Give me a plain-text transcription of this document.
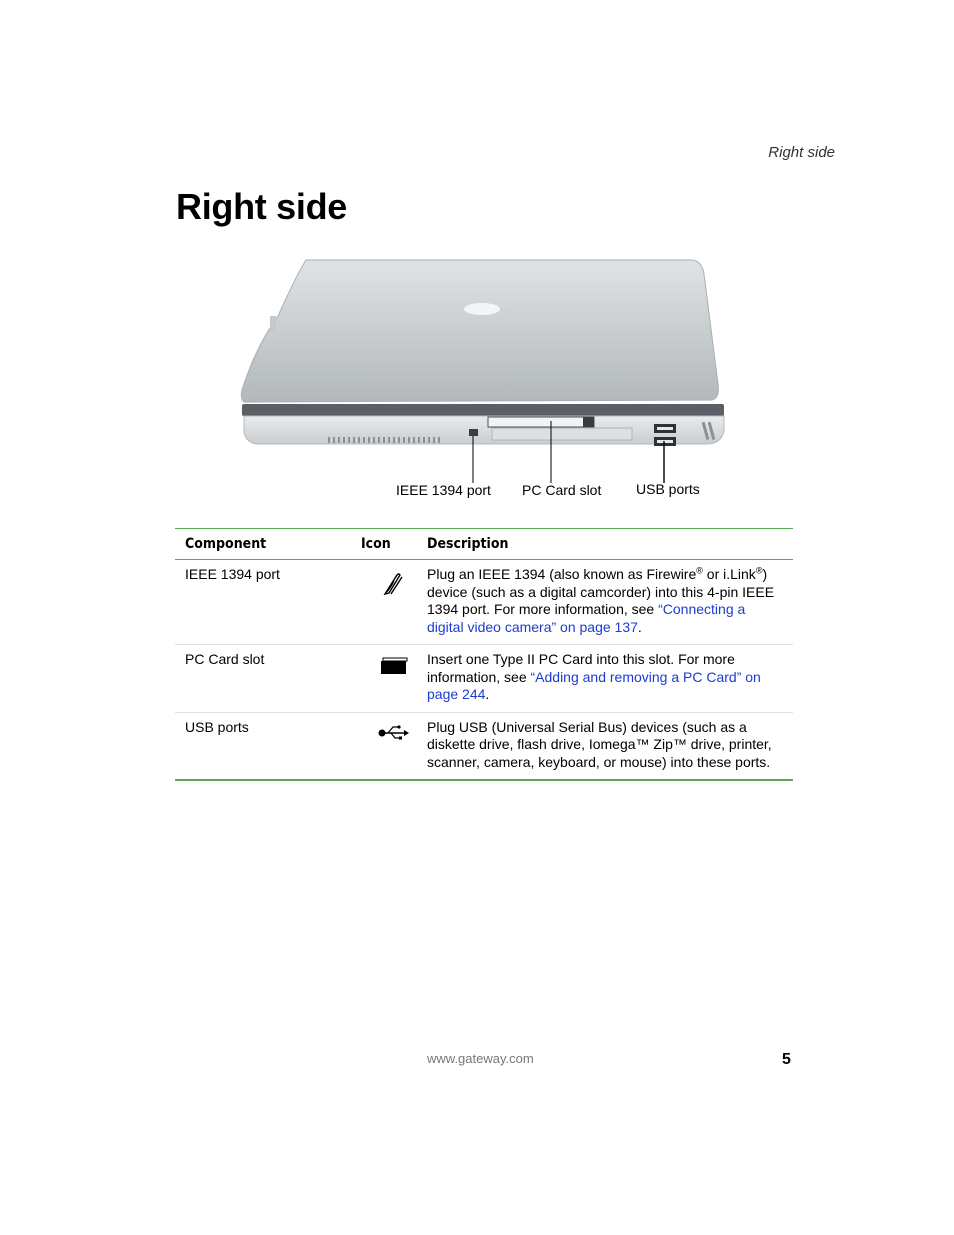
Right side
Right side
IEEE 1394 port PC Card slot USB ports
Component	Icon	Description
IEEE 1394 port	Plug an IEEE 1394 (also known as Firewire® or i.Link®) device (such as a digital camcorder) into this 4-pin IEEE 1394 port. For more information, see “Connecting a digital video camera” on page 137.
PC Card slot	Insert one Type II PC Card into this slot. For more information, see “Adding and removing a PC Card” on page 244.
USB ports	Plug USB (Universal Serial Bus) devices (such as a diskette drive, flash drive, Iomega™ Zip™ drive, printer, scanner, camera, keyboard, or mouse) into these ports.
www.gateway.com	5
